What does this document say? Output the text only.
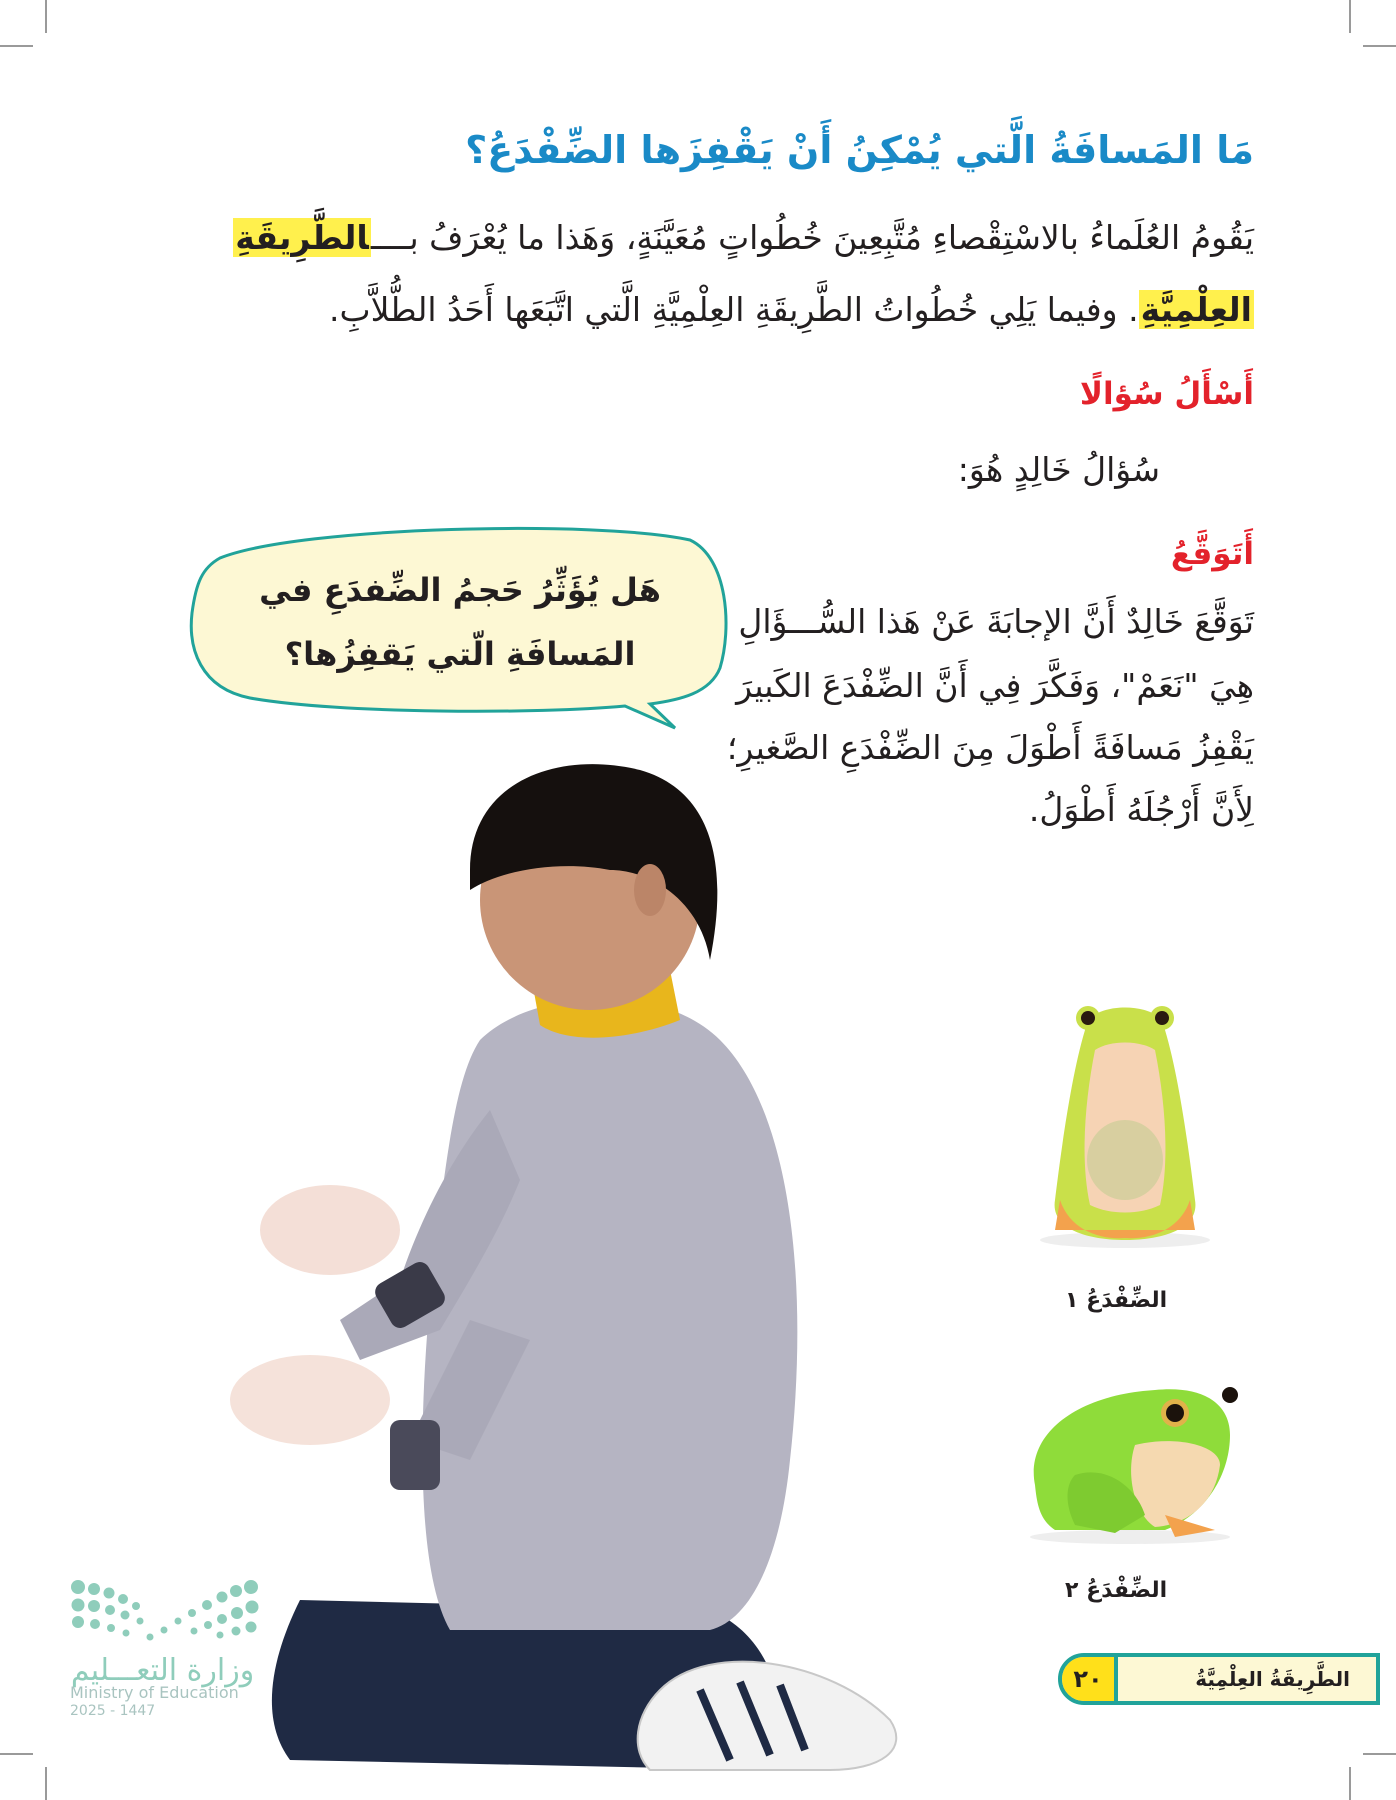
مَا المَسافَةُ الَّتي يُمْكِنُ أَنْ يَقْفِزَها الضِّفْدَعُ؟
يَقُومُ العُلَماءُ بالاسْتِقْصاءِ مُتَّبِعِينَ خُطُواتٍ مُعَيَّنَةٍ، وَهَذا ما يُعْرَفُ بــــالطَّرِيقَةِ
العِلْمِيَّةِ. وفيما يَلِي خُطُواتُ الطَّرِيقَةِ العِلْمِيَّةِ الَّتي اتَّبَعَها أَحَدُ الطُّلاَّبِ.
أَسْأَلُ سُؤالًا
سُؤالُ خَالِدٍ هُوَ:
أَتَوَقَّعُ
تَوَقَّعَ خَالِدٌ أَنَّ الإجابَةَ عَنْ هَذا السُّـــؤَالِ
هِيَ "نَعَمْ"، وَفَكَّرَ فِي أَنَّ الضِّفْدَعَ الكَبيرَ
يَقْفِزُ مَسافَةً أَطْوَلَ مِنَ الضِّفْدَعِ الصَّغيرِ؛
لِأَنَّ أَرْجُلَهُ أَطْوَلُ.
هَل يُؤَثِّرُ حَجمُ الضِّفدَعِ في
المَسافَةِ الّتي يَقفِزُها؟
الضِّفْدَعُ ١
الضِّفْدَعُ ٢
٢٠	الطَّرِيقَةُ العِلْمِيَّةُ
وزارة التعـــليم
Ministry of Education
2025 - 1447
